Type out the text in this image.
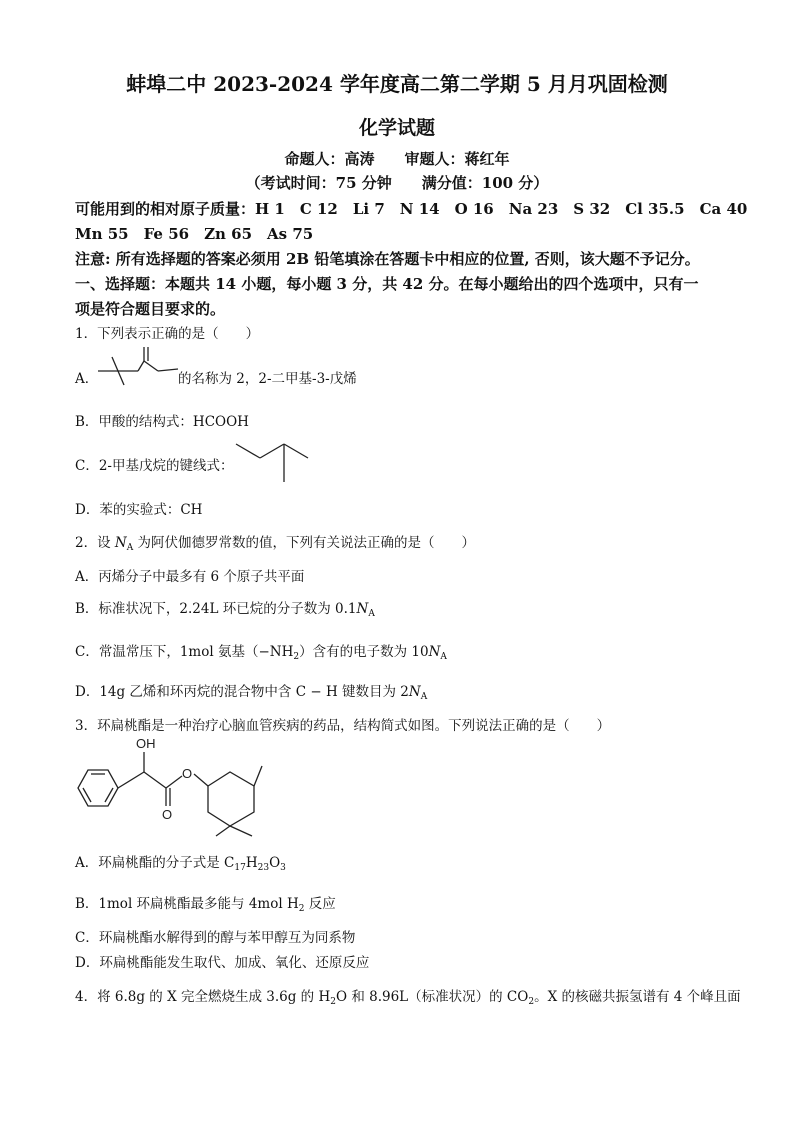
蚌埠二中 2023-2024 学年度高二第二学期 5 月月巩固检测
化学试题
命题人：高涛　　审题人：蒋红年
（考试时间：75 分钟　　满分值：100 分）
可能用到的相对原子质量：H 1　C 12　Li 7　N 14　O 16　Na 23　S 32　Cl 35.5　Ca 40
Mn 55　Fe 56　Zn 65　As 75
注意: 所有选择题的答案必须用 2B 铅笔填涂在答题卡中相应的位置, 否则，该大题不予记分。
一、选择题：本题共 14 小题，每小题 3 分，共 42 分。在每小题给出的四个选项中，只有一
项是符合题目要求的。
1．下列表示正确的是（　　）
A．	的名称为 2，2-二甲基-3-戊烯
B．甲酸的结构式：HCOOH
C．2-甲基戊烷的键线式：
D．苯的实验式：CH
2．设 $N_A$ 为阿伏伽德罗常数的值，下列有关说法正确的是（　　）
A．丙烯分子中最多有 6 个原子共平面
B．标准状况下，2.24L 环已烷的分子数为 $0.1N_A$
C．常温常压下，1mol 氨基$(-NH_2)$含有的电子数为 $10N_A$
D．14g 乙烯和环丙烷的混合物中含 C − H 键数目为 $2N_A$
3．环扁桃酯是一种治疗心脑血管疾病的药品，结构简式如图。下列说法正确的是（　　）
OH
O
O
A．环扁桃酯的分子式是 $C_{17}H_{23}O_3$
B．1mol 环扁桃酯最多能与 4mol $H_2$ 反应
C．环扁桃酯水解得到的醇与苯甲醇互为同系物
D．环扁桃酯能发生取代、加成、氧化、还原反应
4．将 6.8g 的 X 完全燃烧生成 3.6g 的 $H_2O$ 和 8.96L（标准状况）的 $CO_2$。X 的核磁共振氢谱有 4 个峰且面
